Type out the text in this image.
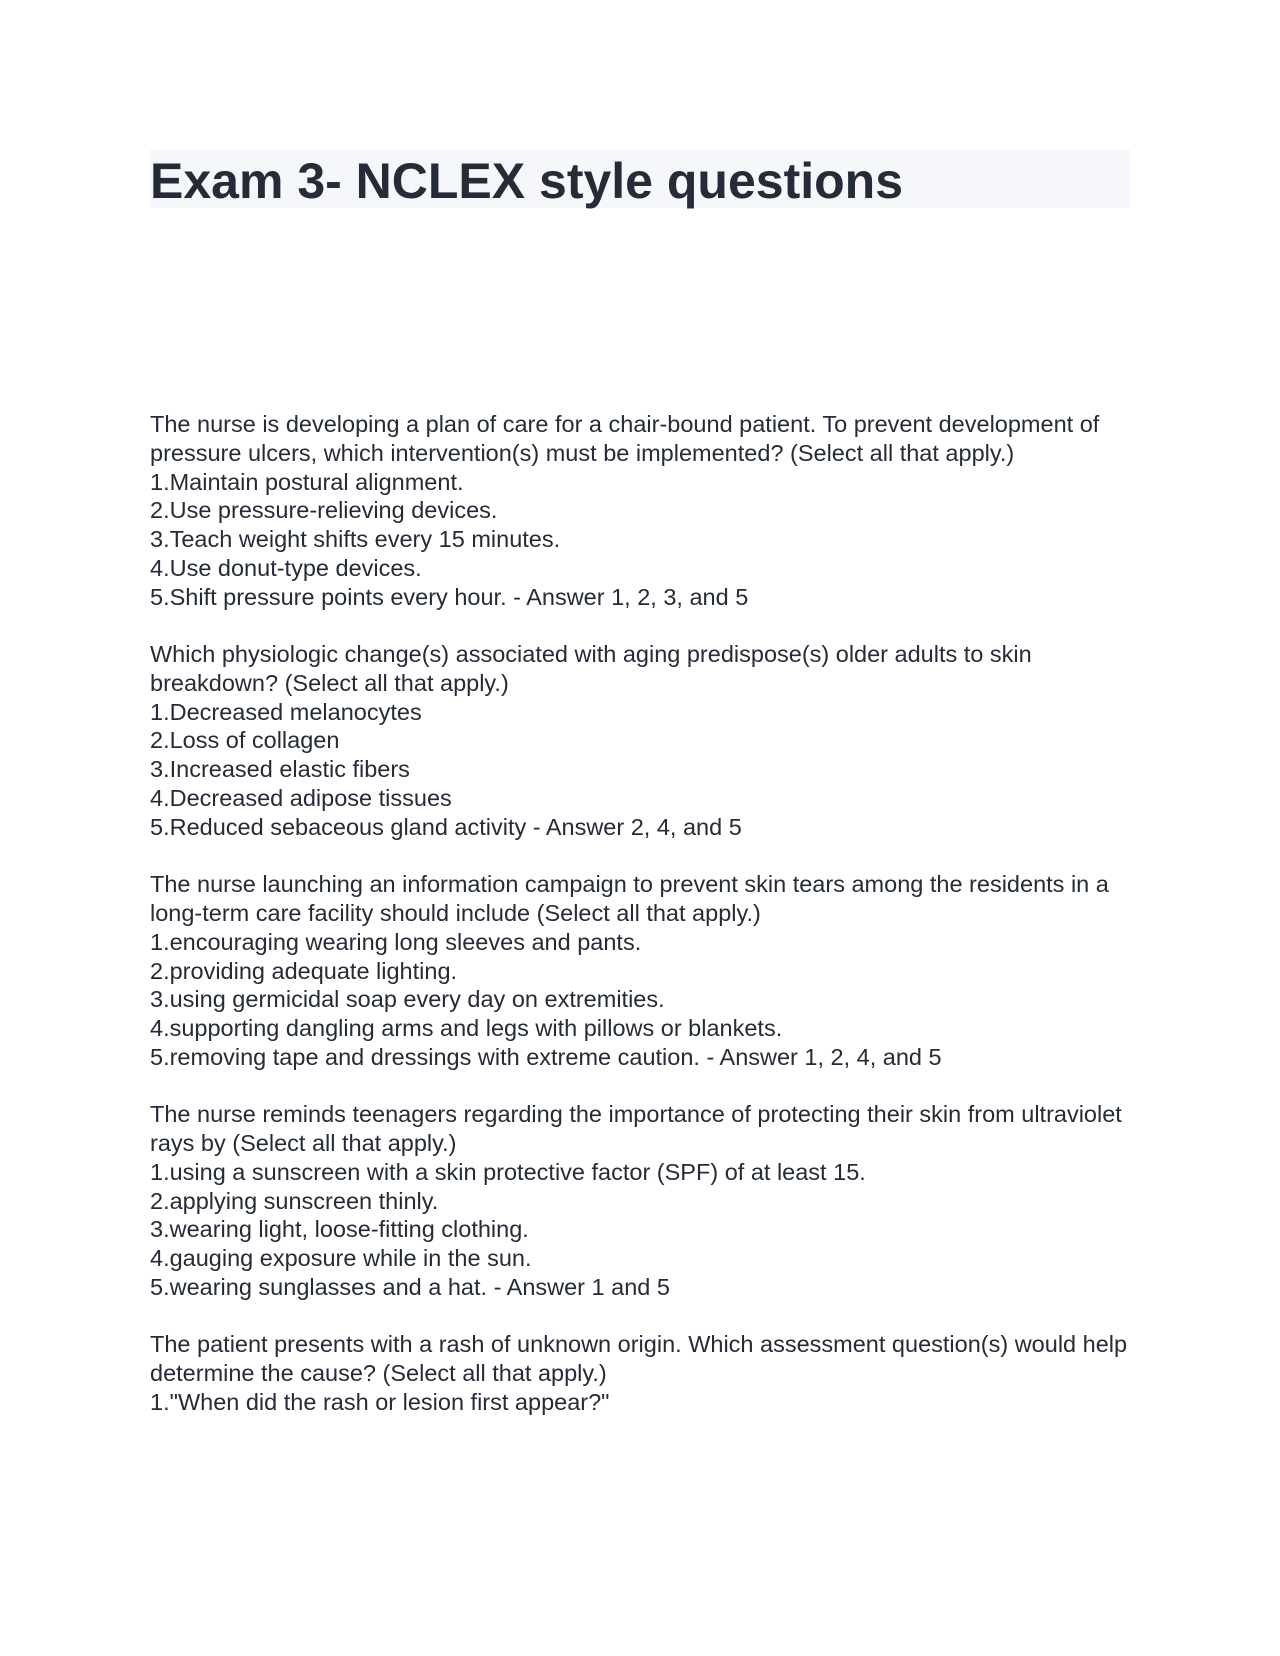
Exam 3- NCLEX style questions

The nurse is developing a plan of care for a chair-bound patient. To prevent development of pressure ulcers, which intervention(s) must be implemented? (Select all that apply.)

1.Maintain postural alignment.

2.Use pressure-relieving devices.

3.Teach weight shifts every 15 minutes.

4.Use donut-type devices.

5.Shift pressure points every hour. - Answer 1, 2, 3, and 5

Which physiologic change(s) associated with aging predispose(s) older adults to skin breakdown? (Select all that apply.)

1.Decreased melanocytes

2.Loss of collagen

3.Increased elastic fibers

4.Decreased adipose tissues

5.Reduced sebaceous gland activity - Answer 2, 4, and 5

The nurse launching an information campaign to prevent skin tears among the residents in a long-term care facility should include (Select all that apply.)

1.encouraging wearing long sleeves and pants.

2.providing adequate lighting.

3.using germicidal soap every day on extremities.

4.supporting dangling arms and legs with pillows or blankets.

5.removing tape and dressings with extreme caution. - Answer 1, 2, 4, and 5

The nurse reminds teenagers regarding the importance of protecting their skin from ultraviolet rays by (Select all that apply.)

1.using a sunscreen with a skin protective factor (SPF) of at least 15.

2.applying sunscreen thinly.

3.wearing light, loose-fitting clothing.

4.gauging exposure while in the sun.

5.wearing sunglasses and a hat. - Answer 1 and 5

The patient presents with a rash of unknown origin. Which assessment question(s) would help determine the cause? (Select all that apply.)

1."When did the rash or lesion first appear?"
